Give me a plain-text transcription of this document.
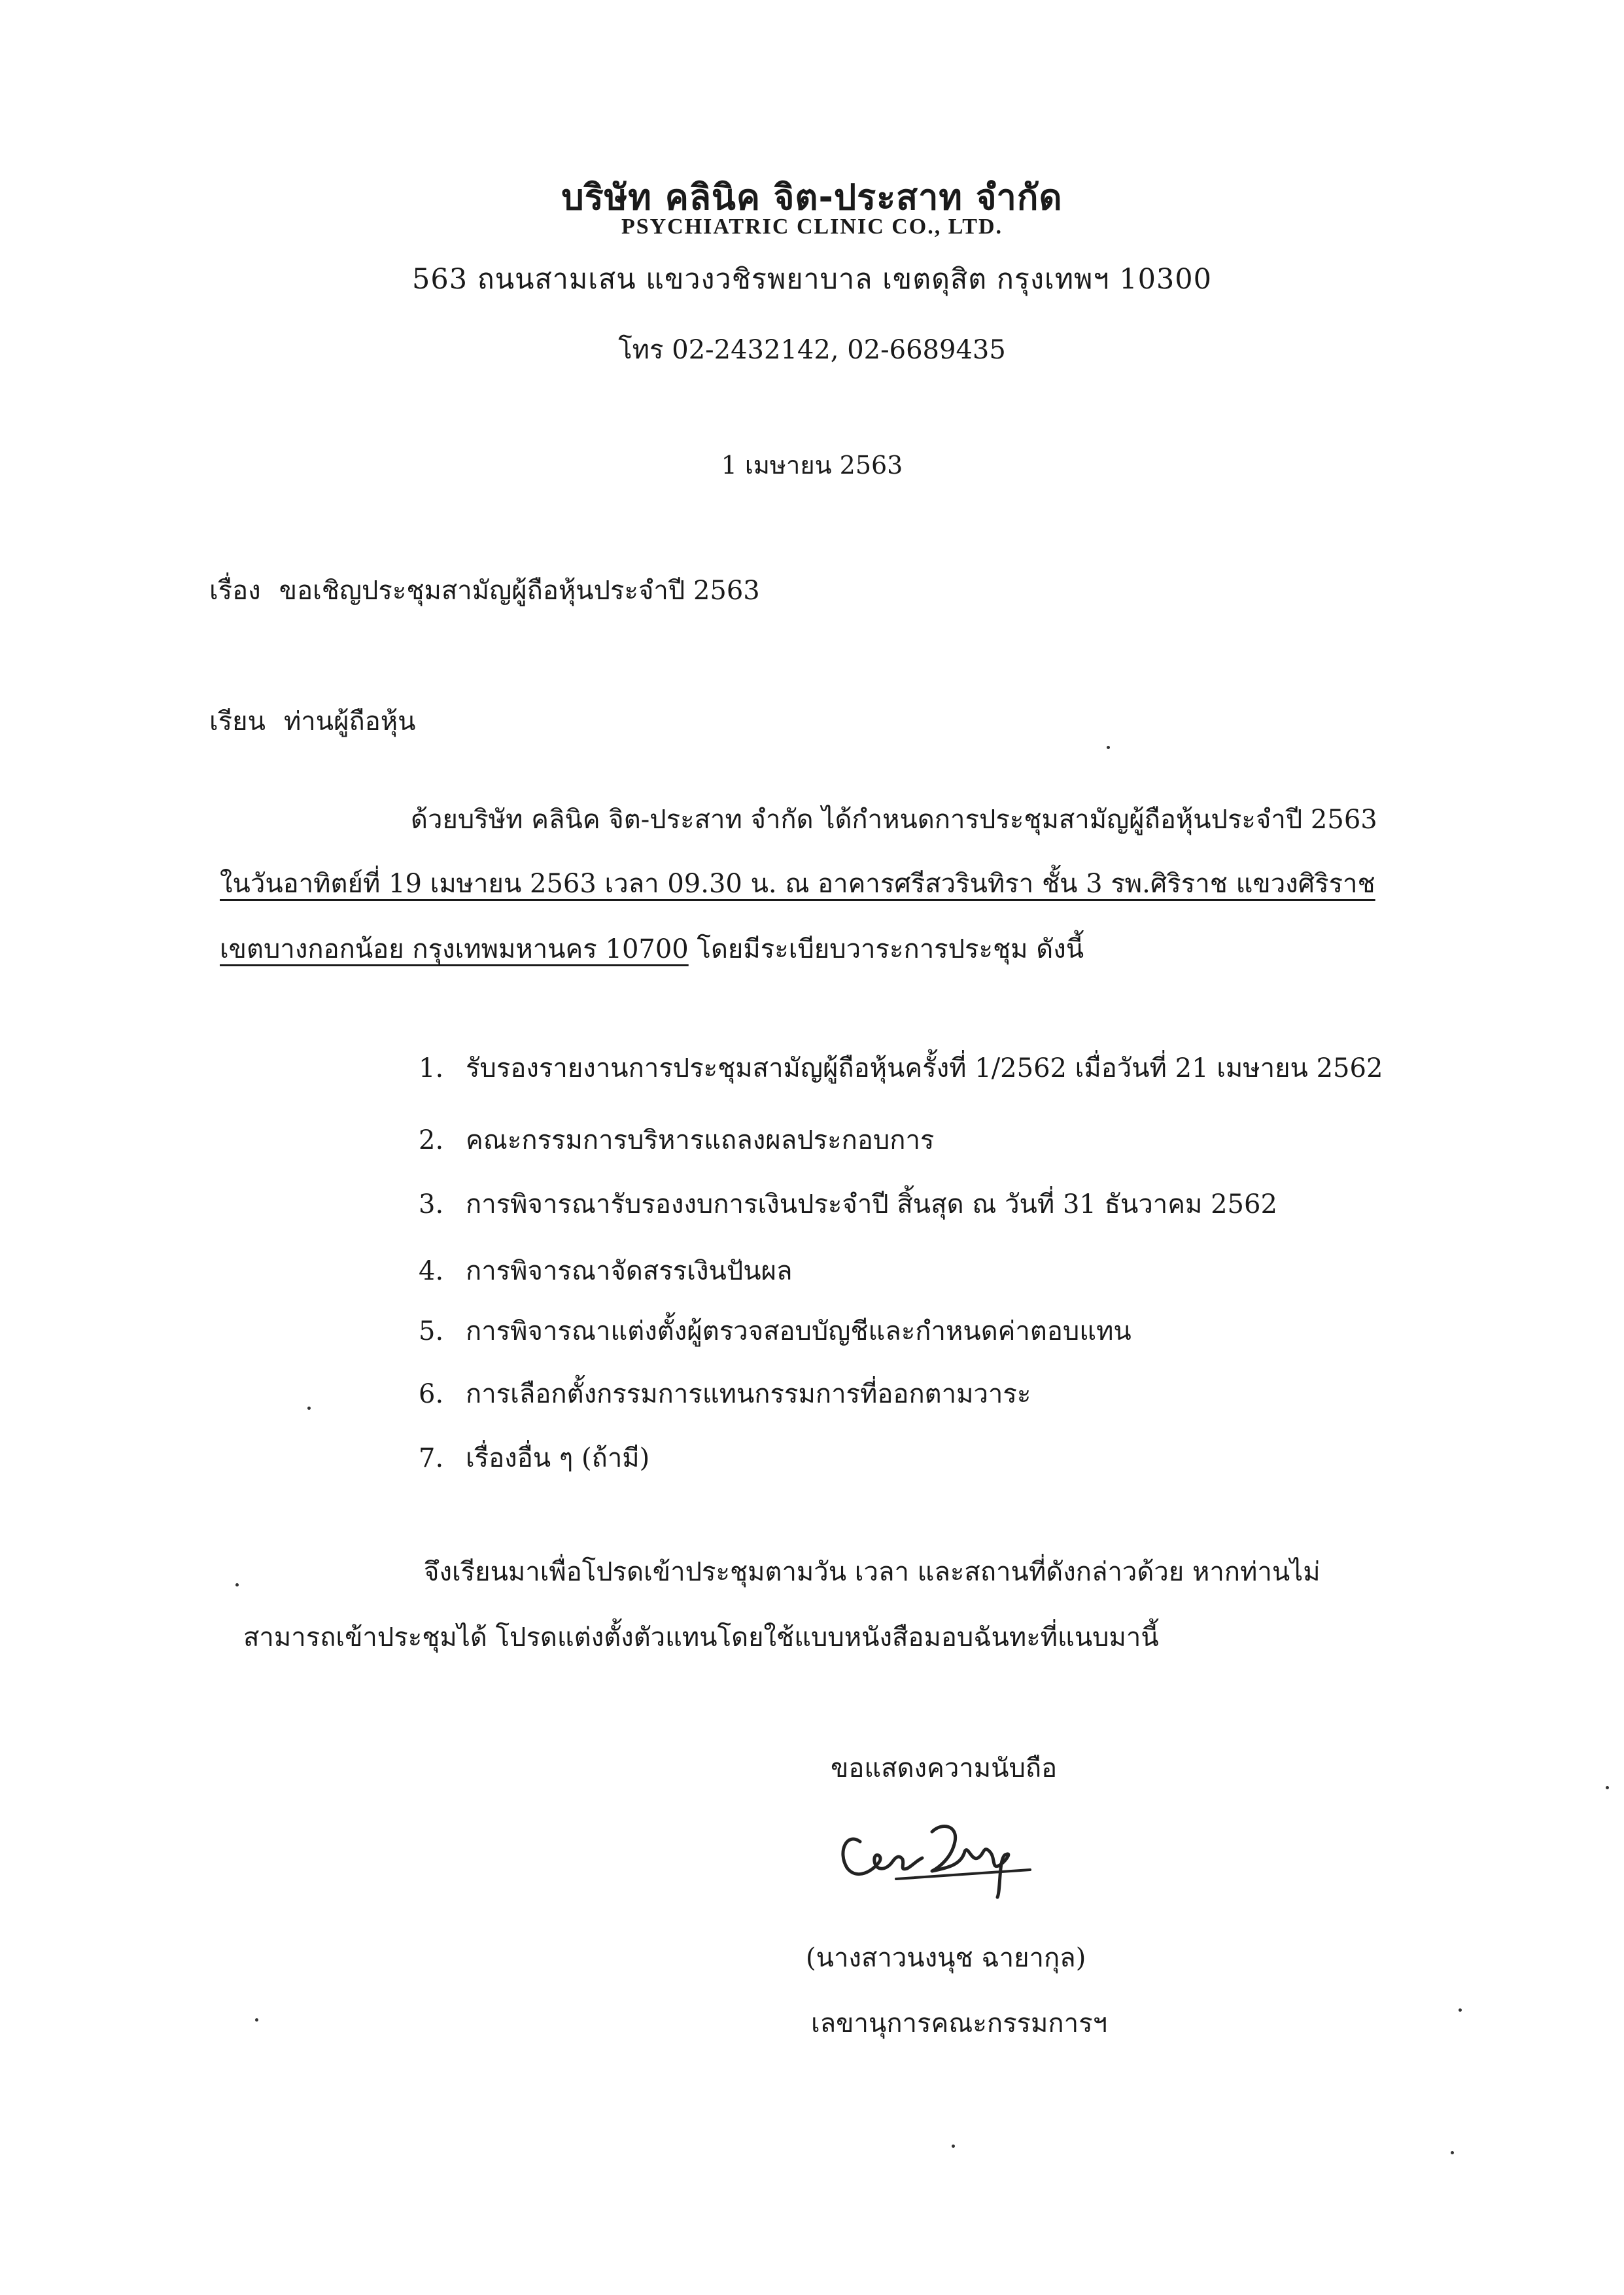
บริษัท คลินิค จิต-ประสาท จำกัด
PSYCHIATRIC CLINIC CO., LTD.
563 ถนนสามเสน แขวงวชิรพยาบาล เขตดุสิต กรุงเทพฯ 10300
โทร 02-2432142, 02-6689435
1 เมษายน 2563
เรื่อง ขอเชิญประชุมสามัญผู้ถือหุ้นประจำปี 2563
เรียน ท่านผู้ถือหุ้น
ด้วยบริษัท คลินิค จิต-ประสาท จำกัด ได้กำหนดการประชุมสามัญผู้ถือหุ้นประจำปี 2563
ในวันอาทิตย์ที่ 19 เมษายน 2563 เวลา 09.30 น. ณ อาคารศรีสวรินทิรา ชั้น 3 รพ.ศิริราช แขวงศิริราช
เขตบางกอกน้อย กรุงเทพมหานคร 10700 โดยมีระเบียบวาระการประชุม ดังนี้
1. รับรองรายงานการประชุมสามัญผู้ถือหุ้นครั้งที่ 1/2562 เมื่อวันที่ 21 เมษายน 2562
2. คณะกรรมการบริหารแถลงผลประกอบการ
3. การพิจารณารับรองงบการเงินประจำปี สิ้นสุด ณ วันที่ 31 ธันวาคม 2562
4. การพิจารณาจัดสรรเงินปันผล
5. การพิจารณาแต่งตั้งผู้ตรวจสอบบัญชีและกำหนดค่าตอบแทน
6. การเลือกตั้งกรรมการแทนกรรมการที่ออกตามวาระ
7. เรื่องอื่น ๆ (ถ้ามี)
จึงเรียนมาเพื่อโปรดเข้าประชุมตามวัน เวลา และสถานที่ดังกล่าวด้วย หากท่านไม่
สามารถเข้าประชุมได้ โปรดแต่งตั้งตัวแทนโดยใช้แบบหนังสือมอบฉันทะที่แนบมานี้
ขอแสดงความนับถือ
(นางสาวนงนุช ฉายากุล)
เลขานุการคณะกรรมการฯ
